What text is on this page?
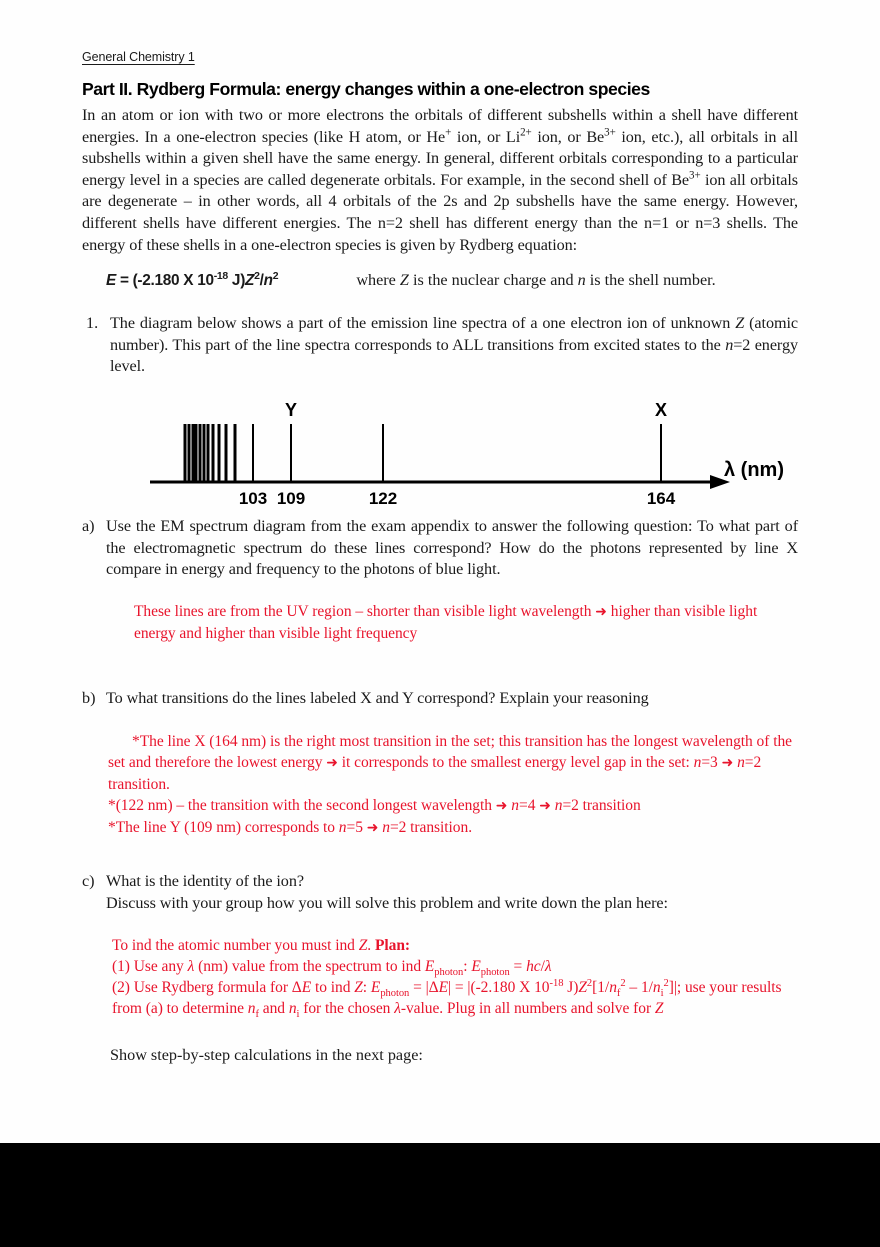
General Chemistry 1
Part II. Rydberg Formula: energy changes within a one-electron species

In an atom or ion with two or more electrons the orbitals of different subshells within a shell have different energies. In a one-electron species (like H atom, or He+ ion, or $Li^{2+}$ ion, or $Be^{3+}$ ion, etc.), all orbitals in all subshells within a given shell have the same energy. In general, different orbitals corresponding to a particular energy level in a species are called degenerate orbitals. For example, in the second shell of $Be^{3+}$ ion all orbitals are degenerate – in other words, all 4 orbitals of the 2s and 2p subshells have the same energy. However, different shells have different energies. The n=2 shell has different energy than the n=1 or n=3 shells. The energy of these shells in a one-electron species is given by Rydberg equation:

E = (-2.180 X $10^{-18}$ $J)Z^2/n^2$	where Z is the nuclear charge and n is the shell number.
1. The diagram below shows a part of the emission line spectra of a one electron ion of unknown Z (atomic number). This part of the line spectra corresponds to ALL transitions from excited states to the n=2 energy level.
103 109	122	164
Y	X
λ (nm)
a) Use the EM spectrum diagram from the exam appendix to answer the following question: To what part of the electromagnetic spectrum do these lines correspond? How do the photons represented by line X compare in energy and frequency to the photons of blue light.

These lines are from the UV region – shorter than visible light wavelength ➜ higher than visible light energy and higher than visible light frequency

b) To what transitions do the lines labeled X and Y correspond? Explain your reasoning

*The line X (164 nm) is the right most transition in the set; this transition has the longest wavelength of the set and therefore the lowest energy ➜ it corresponds to the smallest energy level gap in the set: n=3 ➜ n=2 transition.

*(122 nm) – the transition with the second longest wavelength ➜ n=4 ➜ n=2 transition

*The line Y (109 nm) corresponds to n=5 ➜ n=2 transition.

c) What is the identity of the ion?
Discuss with your group how you will solve this problem and write down the plan here:

To ind the atomic number you must ind Z. Plan:

(1) Use any λ (nm) value from the spectrum to ind $E_{photon}$: $E_{photon} = hc/\lambda$

(2) Use Rydberg formula for ΔE to ind Z: $E_{photon} = |\Delta E| = |(-2.180$ X $10^{-18}$ $J)Z^2[1/n_f^2 - 1/n_i^2]|$; use your results from (a) to determine $n_f$ and $n_i$ for the chosen λ-value. Plug in all numbers and solve for Z

Show step-by-step calculations in the next page:
